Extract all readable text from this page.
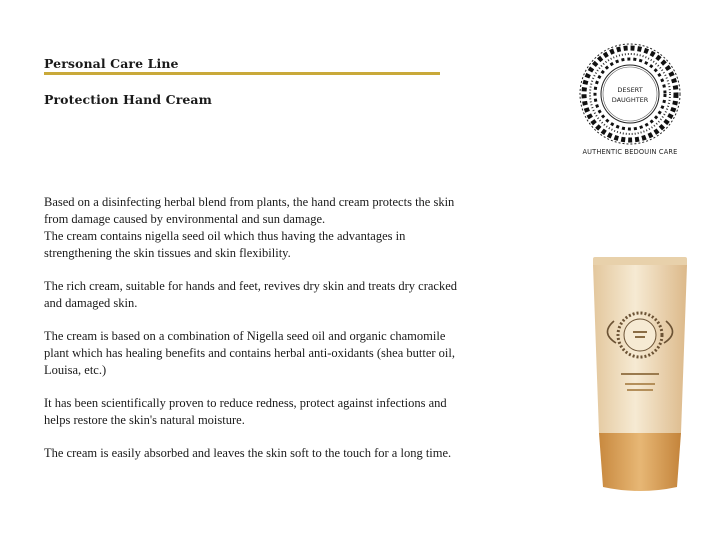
Personal Care Line
Protection Hand Cream

Based on a disinfecting herbal blend from plants, the hand cream protects the skin
from damage caused by environmental and sun damage.
The cream contains nigella seed oil which thus having the advantages in
strengthening the skin tissues and skin flexibility.

The rich cream, suitable for hands and feet, revives dry skin and treats dry cracked
and damaged skin.

The cream is based on a combination of Nigella seed oil and organic chamomile
plant which has healing benefits and contains herbal anti-oxidants (shea butter oil,
Louisa, etc.)

It has been scientifically proven to reduce redness, protect against infections and
helps restore the skin's natural moisture.

The cream is easily absorbed and leaves the skin soft to the touch for a long time.

DESERT
DAUGHTER
AUTHENTIC BEDOUIN CARE
